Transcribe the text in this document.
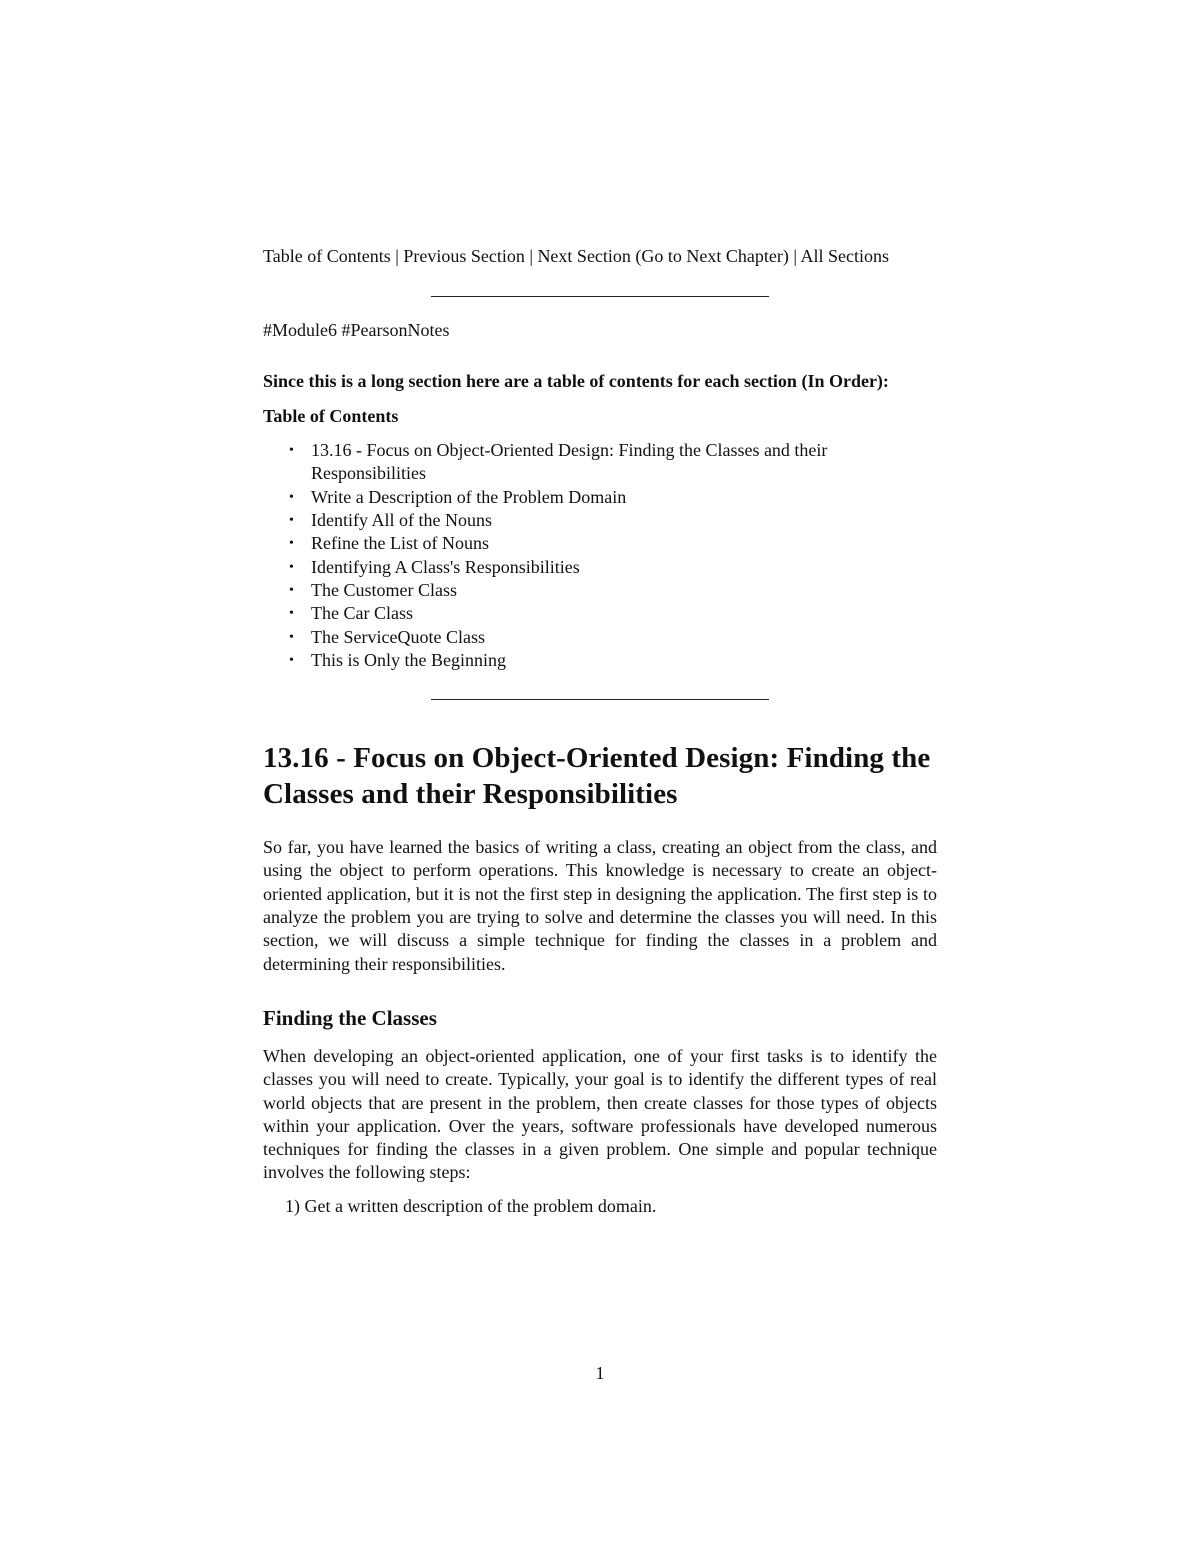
Table of Contents | Previous Section | Next Section (Go to Next Chapter) | All Sections
#Module6 #PearsonNotes
Since this is a long section here are a table of contents for each section (In Order):
Table of Contents
• 13.16 - Focus on Object-Oriented Design: Finding the Classes and their Responsibilities
• Write a Description of the Problem Domain
• Identify All of the Nouns
• Refine the List of Nouns
• Identifying A Class's Responsibilities
• The Customer Class
• The Car Class
• The ServiceQuote Class
• This is Only the Beginning
13.16 - Focus on Object-Oriented Design: Finding the Classes and their Responsibilities

So far, you have learned the basics of writing a class, creating an object from the class, and using the object to perform operations. This knowledge is necessary to create an object-oriented application, but it is not the first step in designing the application. The first step is to analyze the problem you are trying to solve and determine the classes you will need. In this section, we will discuss a simple technique for finding the classes in a problem and determining their responsibilities.

Finding the Classes

When developing an object-oriented application, one of your first tasks is to identify the classes you will need to create. Typically, your goal is to identify the different types of real world objects that are present in the problem, then create classes for those types of objects within your application. Over the years, software professionals have developed numerous techniques for finding the classes in a given problem. One simple and popular technique involves the following steps:

1) Get a written description of the problem domain.
1
